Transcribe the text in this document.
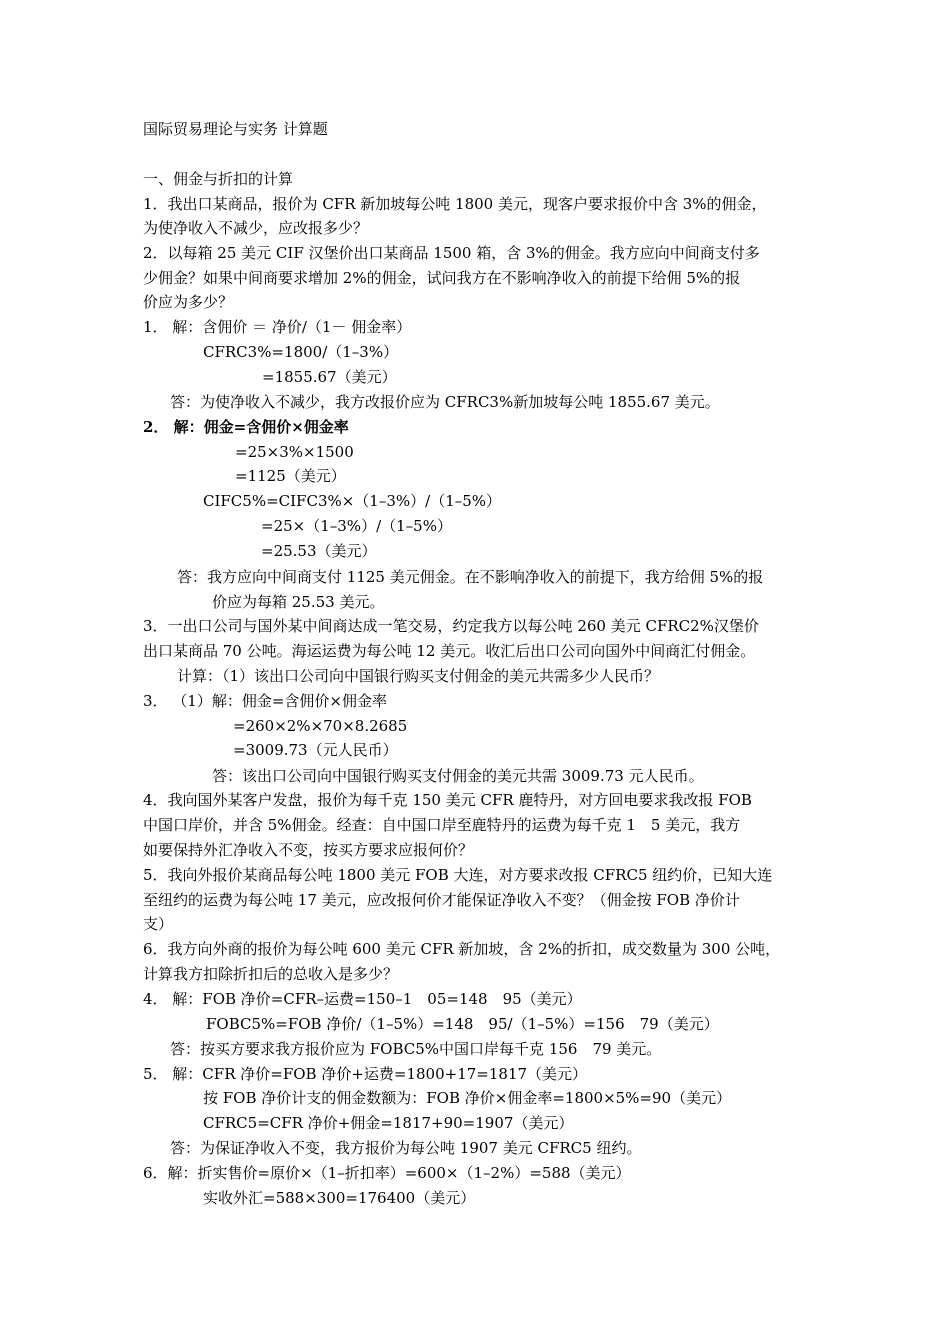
国际贸易理论与实务 计算题
一、佣金与折扣的计算
1．我出口某商品，报价为 CFR 新加坡每公吨 1800 美元，现客户要求报价中含 3%的佣金，
为使净收入不减少，应改报多少？
2．以每箱 25 美元 CIF 汉堡价出口某商品 1500 箱，含 3%的佣金。我方应向中间商支付多
少佣金？如果中间商要求增加 2%的佣金，试问我方在不影响净收入的前提下给佣 5%的报
价应为多少？
1． 解：含佣价 ＝ 净价/（1－ 佣金率）
CFRC3%=1800/（1–3%）
=1855.67（美元）
答：为使净收入不减少，我方改报价应为 CFRC3%新加坡每公吨 1855.67 美元。
2． 解：佣金=含佣价×佣金率
=25×3%×1500
=1125（美元）
CIFC5%=CIFC3%×（1–3%）/（1–5%）
=25×（1–3%）/（1–5%）
=25.53（美元）
答：我方应向中间商支付 1125 美元佣金。在不影响净收入的前提下，我方给佣 5%的报
价应为每箱 25.53 美元。
3．一出口公司与国外某中间商达成一笔交易，约定我方以每公吨 260 美元 CFRC2%汉堡价
出口某商品 70 公吨。海运运费为每公吨 12 美元。收汇后出口公司向国外中间商汇付佣金。
计算：（1）该出口公司向中国银行购买支付佣金的美元共需多少人民币？
3． （1）解：佣金=含佣价×佣金率
=260×2%×70×8.2685
=3009.73（元人民币）
答：该出口公司向中国银行购买支付佣金的美元共需 3009.73 元人民币。
4．我向国外某客户发盘，报价为每千克 150 美元 CFR 鹿特丹，对方回电要求我改报 FOB
中国口岸价，并含 5%佣金。经查：自中国口岸至鹿特丹的运费为每千克 1　5 美元，我方
如要保持外汇净收入不变，按买方要求应报何价？
5．我向外报价某商品每公吨 1800 美元 FOB 大连，对方要求改报 CFRC5 纽约价，已知大连
至纽约的运费为每公吨 17 美元，应改报何价才能保证净收入不变？（佣金按 FOB 净价计
支）
6．我方向外商的报价为每公吨 600 美元 CFR 新加坡，含 2%的折扣，成交数量为 300 公吨，
计算我方扣除折扣后的总收入是多少？
4． 解：FOB 净价=CFR–运费=150–1　05=148　95（美元）
FOBC5%=FOB 净价/（1–5%）=148　95/（1–5%）=156　79（美元）
答：按买方要求我方报价应为 FOBC5%中国口岸每千克 156　79 美元。
5． 解：CFR 净价=FOB 净价+运费=1800+17=1817（美元）
按 FOB 净价计支的佣金数额为：FOB 净价×佣金率=1800×5%=90（美元）
CFRC5=CFR 净价+佣金=1817+90=1907（美元）
答：为保证净收入不变，我方报价为每公吨 1907 美元 CFRC5 纽约。
6．解：折实售价=原价×（1–折扣率）=600×（1–2%）=588（美元）
实收外汇=588×300=176400（美元）
